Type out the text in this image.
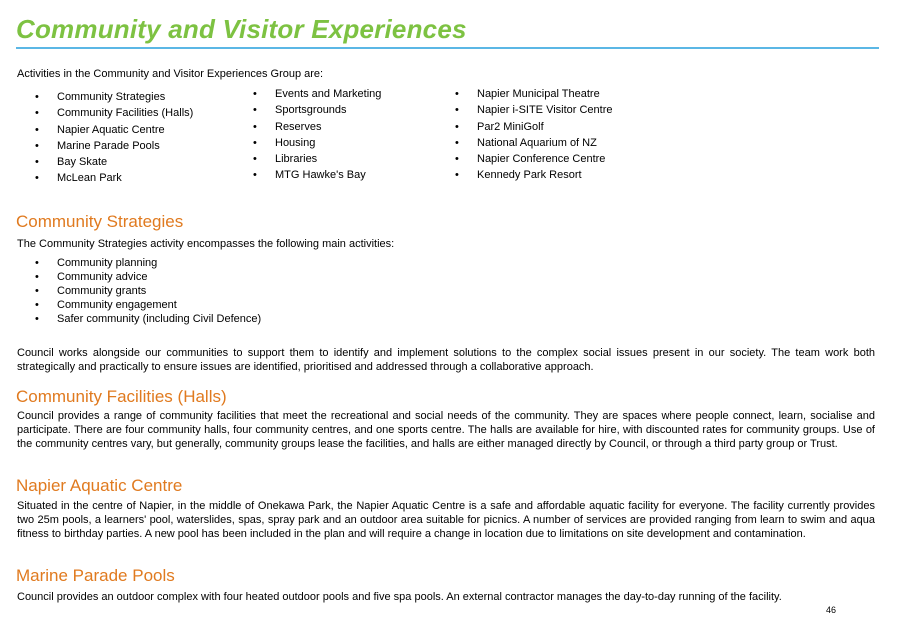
Community and Visitor Experiences

Activities in the Community and Visitor Experiences Group are:

• Community Strategies
• Community Facilities (Halls)
• Napier Aquatic Centre
• Marine Parade Pools
• Bay Skate
• McLean Park
• Events and Marketing
• Sportsgrounds
• Reserves
• Housing
• Libraries
• MTG Hawke's Bay
• Napier Municipal Theatre
• Napier i-SITE Visitor Centre
• Par2 MiniGolf
• National Aquarium of NZ
• Napier Conference Centre
• Kennedy Park Resort
Community Strategies

The Community Strategies activity encompasses the following main activities:

• Community planning
• Community advice
• Community grants
• Community engagement
• Safer community (including Civil Defence)

Council works alongside our communities to support them to identify and implement solutions to the complex social issues present in our society. The team work both strategically and practically to ensure issues are identified, prioritised and addressed through a collaborative approach.

Community Facilities (Halls)

Council provides a range of community facilities that meet the recreational and social needs of the community. They are spaces where people connect, learn, socialise and participate. There are four community halls, four community centres, and one sports centre. The halls are available for hire, with discounted rates for community groups. Use of the community centres vary, but generally, community groups lease the facilities, and halls are either managed directly by Council, or through a third party group or Trust.

Napier Aquatic Centre

Situated in the centre of Napier, in the middle of Onekawa Park, the Napier Aquatic Centre is a safe and affordable aquatic facility for everyone. The facility currently provides two 25m pools, a learners' pool, waterslides, spas, spray park and an outdoor area suitable for picnics. A number of services are provided ranging from learn to swim and aqua fitness to birthday parties. A new pool has been included in the plan and will require a change in location due to limitations on site development and contamination.

Marine Parade Pools

Council provides an outdoor complex with four heated outdoor pools and five spa pools. An external contractor manages the day-to-day running of the facility.

46
